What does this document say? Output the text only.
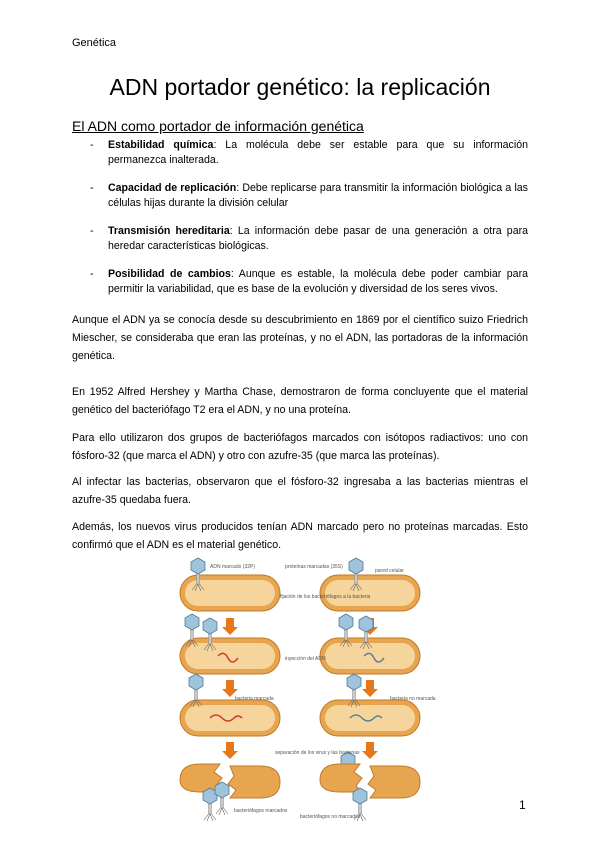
Genética
ADN portador genético: la replicación
El ADN como portador de información genética
- Estabilidad química: La molécula debe ser estable para que su información permanezca inalterada.
- Capacidad de replicación: Debe replicarse para transmitir la información biológica a las células hijas durante la división celular
- Transmisión hereditaria: La información debe pasar de una generación a otra para heredar características biológicas.
- Posibilidad de cambios: Aunque es estable, la molécula debe poder cambiar para permitir la variabilidad, que es base de la evolución y diversidad de los seres vivos.

Aunque el ADN ya se conocía desde su descubrimiento en 1869 por el científico suizo Friedrich Miescher, se consideraba que eran las proteínas, y no el ADN, las portadoras de la información genética.

En 1952 Alfred Hershey y Martha Chase, demostraron de forma concluyente que el material genético del bacteriófago T2 era el ADN, y no una proteína.

Para ello utilizaron dos grupos de bacteriófagos marcados con isótopos radiactivos: uno con fósforo-32 (que marca el ADN) y otro con azufre-35 (que marca las proteínas).

Al infectar las bacterias, observaron que el fósforo-32 ingresaba a las bacterias mientras el azufre-35 quedaba fuera.

Además, los nuevos virus producidos tenían ADN marcado pero no proteínas marcadas. Esto confirmó que el ADN es el material genético.

ADN marcado (32P)	proteínas marcadas (35S)
pared celular
fijación de los bacteriófagos a la bacteria
inyección del ADN
bacteria marcada	bacteria no marcada
separación de los virus y las bacterias
bacteriófagos marcados
bacteriófagos no marcados
1
